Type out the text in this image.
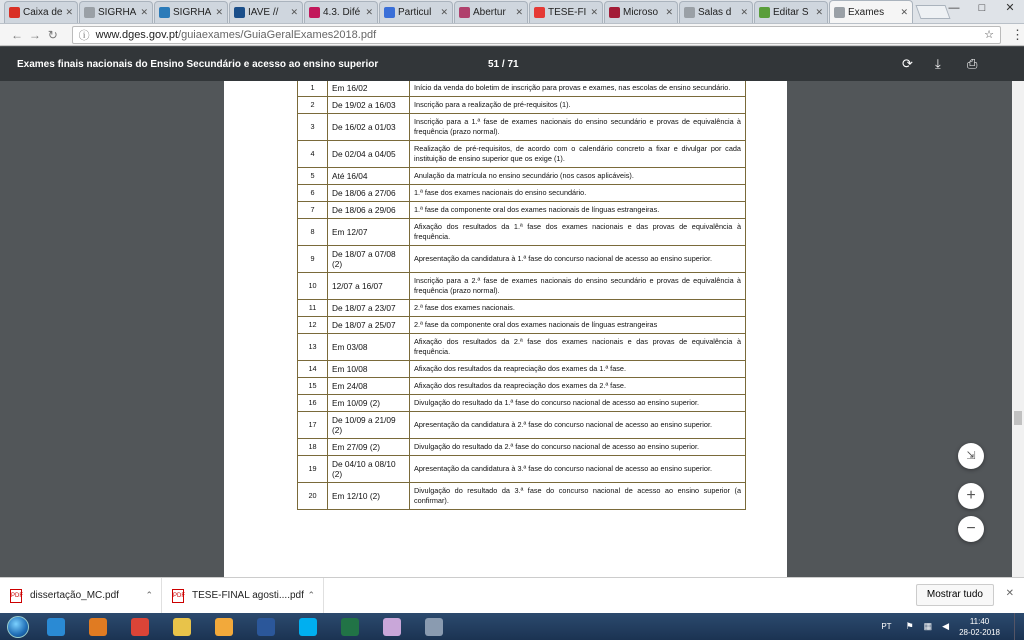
Caixa de ✕	SIGRHA ✕	SIGRHA ✕	IAVE //	✕	4.3. Difé ✕	Particul	✕	Abertur	✕	TESE-FI ✕	Microso ✕	Salas d	✕	Editar S ✕	Exames	✕	—	□	✕
← → ↻	ⓘ www.dges.gov.pt /guiaexames/GuiaGeralExames2018.pdf	☆ ⋮
Exames finais nacionais do Ensino Secundário e acesso ao ensino superior	51 / 71	⟳ ⤓ ⎙
1	Em 16/02	Início da venda do boletim de inscrição para provas e exames, nas escolas de ensino secundário.
2	De 19/02 a 16/03	Inscrição para a realização de pré-requisitos (1).
3	De 16/02 a 01/03	Inscrição para a 1.ª fase de exames nacionais do ensino secundário e provas de equivalência à frequência (prazo normal).
4	De 02/04 a 04/05	Realização de pré-requisitos, de acordo com o calendário concreto a fixar e divulgar por cada instituição de ensino superior que os exige (1).
5	Até 16/04	Anulação da matrícula no ensino secundário (nos casos aplicáveis).
6	De 18/06 a 27/06	1.ª fase dos exames nacionais do ensino secundário.
7	De 18/06 a 29/06	1.ª fase da componente oral dos exames nacionais de línguas estrangeiras.
8	Em 12/07	Afixação dos resultados da 1.ª fase dos exames nacionais e das provas de equivalência à frequência.
9	De 18/07 a 07/08 (2)	Apresentação da candidatura à 1.ª fase do concurso nacional de acesso ao ensino superior.
10	12/07 a 16/07	Inscrição para a 2.ª fase de exames nacionais do ensino secundário e provas de equivalência à frequência (prazo normal).
11	De 18/07 a 23/07	2.ª fase dos exames nacionais.
12	De 18/07 a 25/07	2.ª fase da componente oral dos exames nacionais de línguas estrangeiras
13	Em 03/08	Afixação dos resultados da 2.ª fase dos exames nacionais e das provas de equivalência à frequência.
14	Em 10/08	Afixação dos resultados da reapreciação dos exames da 1.ª fase.
15	Em 24/08	Afixação dos resultados da reapreciação dos exames da 2.ª fase.
16	Em 10/09 (2)	Divulgação do resultado da 1.ª fase do concurso nacional de acesso ao ensino superior.
17	De 10/09 a 21/09 (2)	Apresentação da candidatura à 2.ª fase do concurso nacional de acesso ao ensino superior.
18	Em 27/09 (2)	Divulgação do resultado da 2.ª fase do concurso nacional de acesso ao ensino superior.
19	De 04/10 a 08/10 (2)	Apresentação da candidatura à 3.ª fase do concurso nacional de acesso ao ensino superior.
20	Em 12/10 (2)	Divulgação do resultado da 3.ª fase do concurso nacional de acesso ao ensino superior (a confirmar).
⇲
+
−
PDF dissertação_MC.pdf	⌃	PDF TESE-FINAL agosti....pdf ⌃	Mostrar tudo	✕
PT ⚑ ▦ ◀	11:40
28-02-2018
